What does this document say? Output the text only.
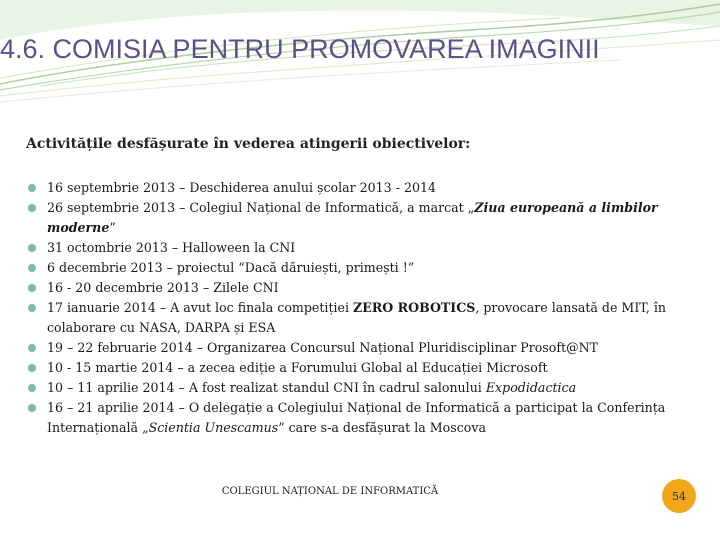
4.6. COMISIA PENTRU PROMOVAREA IMAGINII
Activitățile desfășurate în vederea atingerii obiectivelor:
16 septembrie 2013 – Deschiderea anului școlar 2013 - 2014
26 septembrie 2013 – Colegiul Național de Informatică, a marcat „Ziua europeană a limbilor moderne”
31 octombrie 2013 – Halloween la CNI
6 decembrie 2013 – proiectul “Dacă dăruiești, primești !”
16 - 20 decembrie 2013 – Zilele CNI
17 ianuarie 2014 – A avut loc finala competiției ZERO ROBOTICS, provocare lansată de MIT, în colaborare cu NASA, DARPA și ESA
19 – 22 februarie 2014 – Organizarea Concursul Național Pluridisciplinar Prosoft@NT
10 - 15 martie 2014 – a zecea ediție a Forumului Global al Educației Microsoft
10 – 11 aprilie 2014 – A fost realizat standul CNI în cadrul salonului Expodidactica
16 – 21 aprilie 2014 – O delegație a Colegiului Național de Informatică a participat la Conferința Internațională „Scientia Unescamus” care s-a desfășurat la Moscova
COLEGIUL NAȚIONAL DE INFORMATICĂ	54
